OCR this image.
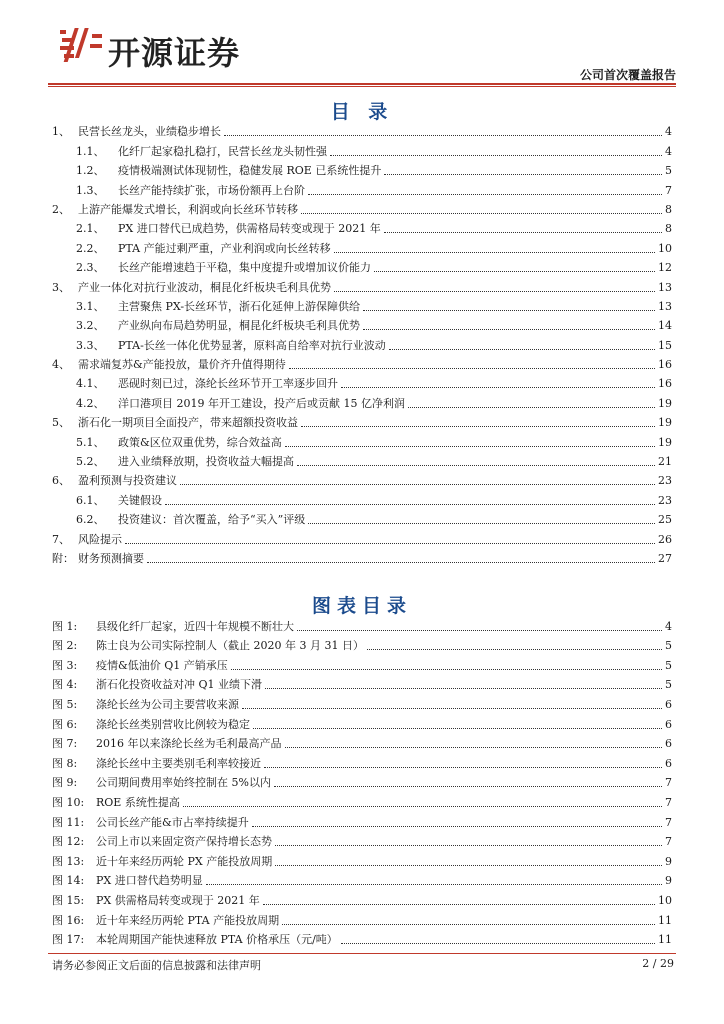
开源证券
公司首次覆盖报告
目 录
1、 民营长丝龙头，业绩稳步增长	4
1.1、	化纤厂起家稳扎稳打，民营长丝龙头韧性强	4
1.2、	疫情极端测试体现韧性，稳健发展 ROE 已系统性提升	5
1.3、	长丝产能持续扩张，市场份额再上台阶	7
2、 上游产能爆发式增长，利润或向长丝环节转移	8
2.1、	PX 进口替代已成趋势，供需格局转变或现于 2021 年	8
2.2、	PTA 产能过剩严重，产业利润或向长丝转移	10
2.3、	长丝产能增速趋于平稳，集中度提升或增加议价能力	12
3、 产业一体化对抗行业波动，桐昆化纤板块毛利具优势	13
3.1、	主营聚焦 PX-长丝环节，浙石化延伸上游保障供给	13
3.2、	产业纵向布局趋势明显，桐昆化纤板块毛利具优势	14
3.3、	PTA-长丝一体化优势显著，原料高自给率对抗行业波动	15
4、 需求端复苏&产能投放，量价齐升值得期待	16
4.1、	恶砚时刻已过，涤纶长丝环节开工率逐步回升	16
4.2、	洋口港项目 2019 年开工建设，投产后或贡献 15 亿净利润	19
5、 浙石化一期项目全面投产，带来超额投资收益	19
5.1、	政策&区位双重优势，综合效益高	19
5.2、	进入业绩释放期，投资收益大幅提高	21
6、 盈利预测与投资建议	23
6.1、	关键假设	23
6.2、	投资建议：首次覆盖，给予“买入”评级	25
7、 风险提示	26
附： 财务预测摘要	27
图表目录
图 1:	县级化纤厂起家，近四十年规模不断壮大	4
图 2:	陈士良为公司实际控制人（截止 2020 年 3 月 31 日）	5
图 3:	疫情&低油价 Q1 产销承压	5
图 4:	浙石化投资收益对冲 Q1 业绩下滑	5
图 5:	涤纶长丝为公司主要营收来源	6
图 6:	涤纶长丝类别营收比例较为稳定	6
图 7:	2016 年以来涤纶长丝为毛利最高产品	6
图 8:	涤纶长丝中主要类别毛利率较接近	6
图 9:	公司期间费用率始终控制在 5%以内	7
图 10:	ROE 系统性提高	7
图 11:	公司长丝产能&市占率持续提升	7
图 12:	公司上市以来固定资产保持增长态势	7
图 13:	近十年来经历两轮 PX 产能投放周期	9
图 14:	PX 进口替代趋势明显	9
图 15:	PX 供需格局转变或现于 2021 年	10
图 16:	近十年来经历两轮 PTA 产能投放周期	11
图 17:	本轮周期国产能快速释放 PTA 价格承压（元/吨）	11
请务必参阅正文后面的信息披露和法律声明	2 / 29
